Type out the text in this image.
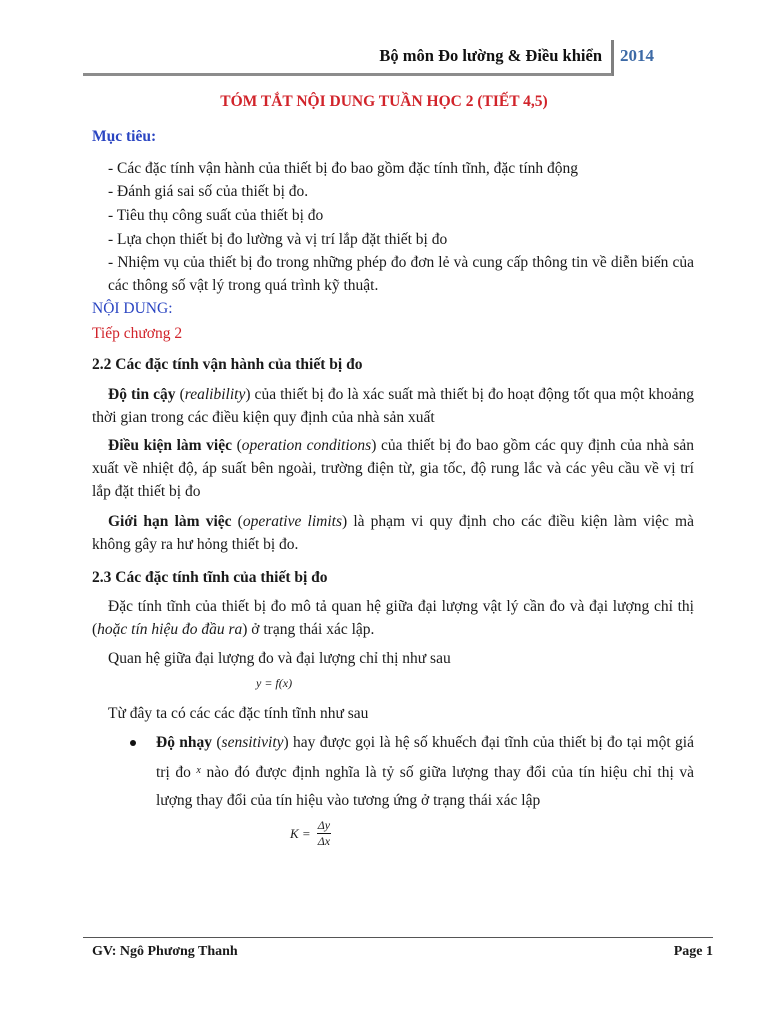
Bộ môn Đo lường & Điều khiển 2014
TÓM TẮT NỘI DUNG TUẦN HỌC 2 (TIẾT 4,5)
Mục tiêu:
- Các đặc tính vận hành của thiết bị đo bao gồm đặc tính tĩnh, đặc tính động
- Đánh giá sai số của thiết bị đo.
- Tiêu thụ công suất của thiết bị đo
- Lựa chọn thiết bị đo lường và vị trí lắp đặt thiết bị đo
- Nhiệm vụ của thiết bị đo trong những phép đo đơn lẻ và cung cấp thông tin về diễn biến của các thông số vật lý trong quá trình kỹ thuật.
NỘI DUNG:
Tiếp chương 2
2.2 Các đặc tính vận hành của thiết bị đo
Độ tin cậy (realibility) của thiết bị đo là xác suất mà thiết bị đo hoạt động tốt qua một khoảng thời gian trong các điều kiện quy định của nhà sản xuất
Điều kiện làm việc (operation conditions) của thiết bị đo bao gồm các quy định của nhà sản xuất về nhiệt độ, áp suất bên ngoài, trường điện từ, gia tốc, độ rung lắc và các yêu cầu về vị trí lắp đặt thiết bị đo
Giới hạn làm việc (operative limits) là phạm vi quy định cho các điều kiện làm việc mà không gây ra hư hỏng thiết bị đo.
2.3 Các đặc tính tĩnh của thiết bị đo
Đặc tính tĩnh của thiết bị đo mô tả quan hệ giữa đại lượng vật lý cần đo và đại lượng chỉ thị (hoặc tín hiệu đo đầu ra) ở trạng thái xác lập.
Quan hệ giữa đại lượng đo và đại lượng chỉ thị như sau
y = f(x)
Từ đây ta có các các đặc tính tĩnh như sau
Độ nhạy (sensitivity) hay được gọi là hệ số khuếch đại tĩnh của thiết bị đo tại một giá trị đo $^x$ nào đó được định nghĩa là tỷ số giữa lượng thay đổi của tín hiệu chỉ thị và lượng thay đổi của tín hiệu vào tương ứng ở trạng thái xác lập
$K = \frac{\Delta y}{\Delta x}$
GV: Ngô Phương Thanh	Page 1
